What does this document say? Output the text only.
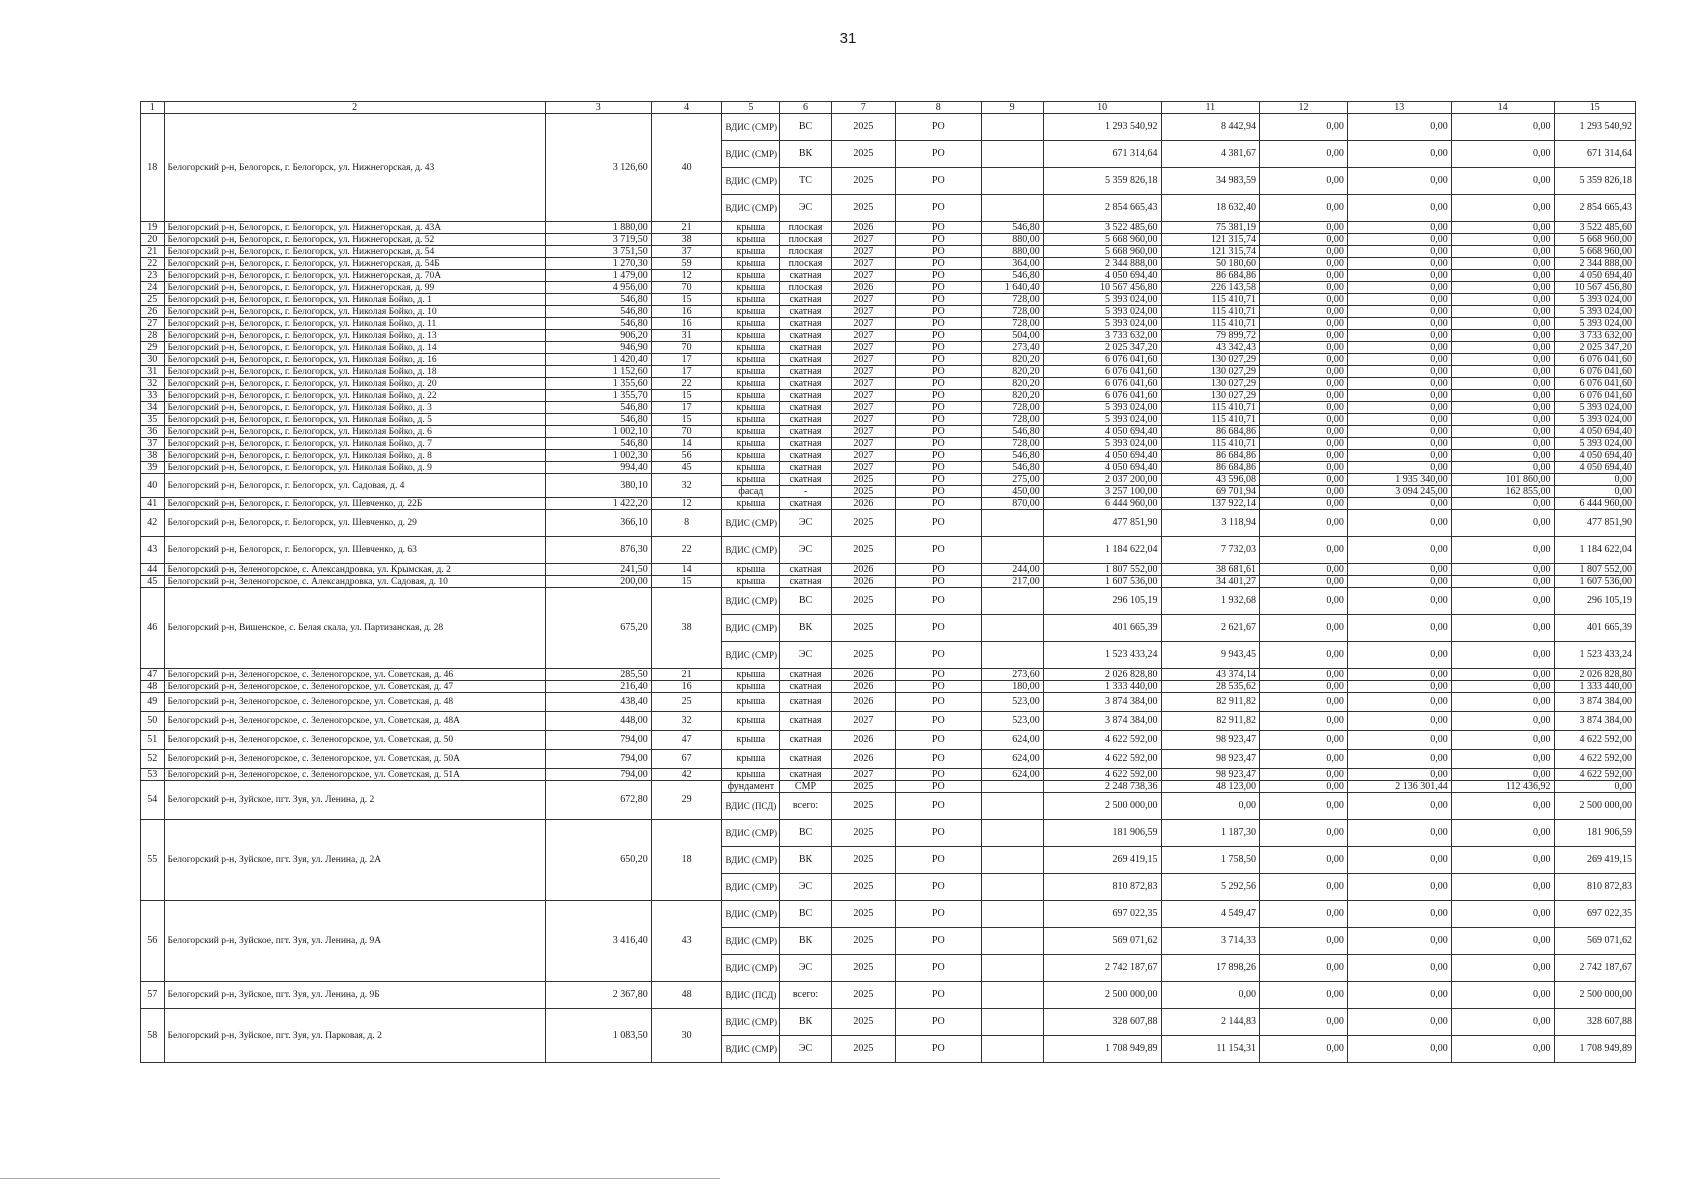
31
1	2	3	4	5	6	7	8	9	10	11	12	13	14	15
18	Белогорский р-н, Белогорск, г. Белогорск, ул. Нижнегорская, д. 43	3 126,60	40	ВДИС (СМР)	ВС	2025	РО		1 293 540,92	8 442,94	0,00	0,00	0,00	1 293 540,92
				ВДИС (СМР)	ВК	2025	РО		671 314,64	4 381,67	0,00	0,00	0,00	671 314,64
				ВДИС (СМР)	ТС	2025	РО		5 359 826,18	34 983,59	0,00	0,00	0,00	5 359 826,18
				ВДИС (СМР)	ЭС	2025	РО		2 854 665,43	18 632,40	0,00	0,00	0,00	2 854 665,43
19	Белогорский р-н, Белогорск, г. Белогорск, ул. Нижнегорская, д. 43А	1 880,00	21	крыша	плоская	2026	РО	546,80	3 522 485,60	75 381,19	0,00	0,00	0,00	3 522 485,60
20	Белогорский р-н, Белогорск, г. Белогорск, ул. Нижнегорская, д. 52	3 719,50	38	крыша	плоская	2027	РО	880,00	5 668 960,00	121 315,74	0,00	0,00	0,00	5 668 960,00
21	Белогорский р-н, Белогорск, г. Белогорск, ул. Нижнегорская, д. 54	3 751,50	37	крыша	плоская	2027	РО	880,00	5 668 960,00	121 315,74	0,00	0,00	0,00	5 668 960,00
22	Белогорский р-н, Белогорск, г. Белогорск, ул. Нижнегорская, д. 54Б	1 270,30	59	крыша	плоская	2027	РО	364,00	2 344 888,00	50 180,60	0,00	0,00	0,00	2 344 888,00
23	Белогорский р-н, Белогорск, г. Белогорск, ул. Нижнегорская, д. 70А	1 479,00	12	крыша	скатная	2027	РО	546,80	4 050 694,40	86 684,86	0,00	0,00	0,00	4 050 694,40
24	Белогорский р-н, Белогорск, г. Белогорск, ул. Нижнегорская, д. 99	4 956,00	70	крыша	плоская	2026	РО	1 640,40	10 567 456,80	226 143,58	0,00	0,00	0,00	10 567 456,80
25	Белогорский р-н, Белогорск, г. Белогорск, ул. Николая Бойко, д. 1	546,80	15	крыша	скатная	2027	РО	728,00	5 393 024,00	115 410,71	0,00	0,00	0,00	5 393 024,00
26	Белогорский р-н, Белогорск, г. Белогорск, ул. Николая Бойко, д. 10	546,80	16	крыша	скатная	2027	РО	728,00	5 393 024,00	115 410,71	0,00	0,00	0,00	5 393 024,00
27	Белогорский р-н, Белогорск, г. Белогорск, ул. Николая Бойко, д. 11	546,80	16	крыша	скатная	2027	РО	728,00	5 393 024,00	115 410,71	0,00	0,00	0,00	5 393 024,00
28	Белогорский р-н, Белогорск, г. Белогорск, ул. Николая Бойко, д. 13	906,20	31	крыша	скатная	2027	РО	504,00	3 733 632,00	79 899,72	0,00	0,00	0,00	3 733 632,00
29	Белогорский р-н, Белогорск, г. Белогорск, ул. Николая Бойко, д. 14	946,90	70	крыша	скатная	2027	РО	273,40	2 025 347,20	43 342,43	0,00	0,00	0,00	2 025 347,20
30	Белогорский р-н, Белогорск, г. Белогорск, ул. Николая Бойко, д. 16	1 420,40	17	крыша	скатная	2027	РО	820,20	6 076 041,60	130 027,29	0,00	0,00	0,00	6 076 041,60
31	Белогорский р-н, Белогорск, г. Белогорск, ул. Николая Бойко, д. 18	1 152,60	17	крыша	скатная	2027	РО	820,20	6 076 041,60	130 027,29	0,00	0,00	0,00	6 076 041,60
32	Белогорский р-н, Белогорск, г. Белогорск, ул. Николая Бойко, д. 20	1 355,60	22	крыша	скатная	2027	РО	820,20	6 076 041,60	130 027,29	0,00	0,00	0,00	6 076 041,60
33	Белогорский р-н, Белогорск, г. Белогорск, ул. Николая Бойко, д. 22	1 355,70	15	крыша	скатная	2027	РО	820,20	6 076 041,60	130 027,29	0,00	0,00	0,00	6 076 041,60
34	Белогорский р-н, Белогорск, г. Белогорск, ул. Николая Бойко, д. 3	546,80	17	крыша	скатная	2027	РО	728,00	5 393 024,00	115 410,71	0,00	0,00	0,00	5 393 024,00
35	Белогорский р-н, Белогорск, г. Белогорск, ул. Николая Бойко, д. 5	546,80	15	крыша	скатная	2027	РО	728,00	5 393 024,00	115 410,71	0,00	0,00	0,00	5 393 024,00
36	Белогорский р-н, Белогорск, г. Белогорск, ул. Николая Бойко, д. 6	1 002,10	70	крыша	скатная	2027	РО	546,80	4 050 694,40	86 684,86	0,00	0,00	0,00	4 050 694,40
37	Белогорский р-н, Белогорск, г. Белогорск, ул. Николая Бойко, д. 7	546,80	14	крыша	скатная	2027	РО	728,00	5 393 024,00	115 410,71	0,00	0,00	0,00	5 393 024,00
38	Белогорский р-н, Белогорск, г. Белогорск, ул. Николая Бойко, д. 8	1 002,30	56	крыша	скатная	2027	РО	546,80	4 050 694,40	86 684,86	0,00	0,00	0,00	4 050 694,40
39	Белогорский р-н, Белогорск, г. Белогорск, ул. Николая Бойко, д. 9	994,40	45	крыша	скатная	2027	РО	546,80	4 050 694,40	86 684,86	0,00	0,00	0,00	4 050 694,40
40	Белогорский р-н, Белогорск, г. Белогорск, ул. Садовая, д. 4	380,10	32	крыша	скатная	2025	РО	275,00	2 037 200,00	43 596,08	0,00	1 935 340,00	101 860,00	0,00
				фасад	-	2025	РО	450,00	3 257 100,00	69 701,94	0,00	3 094 245,00	162 855,00	0,00
41	Белогорский р-н, Белогорск, г. Белогорск, ул. Шевченко, д. 22Б	1 422,20	12	крыша	скатная	2026	РО	870,00	6 444 960,00	137 922,14	0,00	0,00	0,00	6 444 960,00
42	Белогорский р-н, Белогорск, г. Белогорск, ул. Шевченко, д. 29	366,10	8	ВДИС (СМР)	ЭС	2025	РО		477 851,90	3 118,94	0,00	0,00	0,00	477 851,90
43	Белогорский р-н, Белогорск, г. Белогорск, ул. Шевченко, д. 63	876,30	22	ВДИС (СМР)	ЭС	2025	РО		1 184 622,04	7 732,03	0,00	0,00	0,00	1 184 622,04
44	Белогорский р-н, Зеленогорское, с. Александровка, ул. Крымская, д. 2	241,50	14	крыша	скатная	2026	РО	244,00	1 807 552,00	38 681,61	0,00	0,00	0,00	1 807 552,00
45	Белогорский р-н, Зеленогорское, с. Александровка, ул. Садовая, д. 10	200,00	15	крыша	скатная	2026	РО	217,00	1 607 536,00	34 401,27	0,00	0,00	0,00	1 607 536,00
46	Белогорский р-н, Вишенское, с. Белая скала, ул. Партизанская, д. 28	675,20	38	ВДИС (СМР)	ВС	2025	РО		296 105,19	1 932,68	0,00	0,00	0,00	296 105,19
				ВДИС (СМР)	ВК	2025	РО		401 665,39	2 621,67	0,00	0,00	0,00	401 665,39
				ВДИС (СМР)	ЭС	2025	РО		1 523 433,24	9 943,45	0,00	0,00	0,00	1 523 433,24
47	Белогорский р-н, Зеленогорское, с. Зеленогорское, ул. Советская, д. 46	285,50	21	крыша	скатная	2026	РО	273,60	2 026 828,80	43 374,14	0,00	0,00	0,00	2 026 828,80
48	Белогорский р-н, Зеленогорское, с. Зеленогорское, ул. Советская, д. 47	216,40	16	крыша	скатная	2026	РО	180,00	1 333 440,00	28 535,62	0,00	0,00	0,00	1 333 440,00
49	Белогорский р-н, Зеленогорское, с. Зеленогорское, ул. Советская, д. 48	438,40	25	крыша	скатная	2026	РО	523,00	3 874 384,00	82 911,82	0,00	0,00	0,00	3 874 384,00
50	Белогорский р-н, Зеленогорское, с. Зеленогорское, ул. Советская, д. 48А	448,00	32	крыша	скатная	2027	РО	523,00	3 874 384,00	82 911,82	0,00	0,00	0,00	3 874 384,00
51	Белогорский р-н, Зеленогорское, с. Зеленогорское, ул. Советская, д. 50	794,00	47	крыша	скатная	2026	РО	624,00	4 622 592,00	98 923,47	0,00	0,00	0,00	4 622 592,00
52	Белогорский р-н, Зеленогорское, с. Зеленогорское, ул. Советская, д. 50А	794,00	67	крыша	скатная	2026	РО	624,00	4 622 592,00	98 923,47	0,00	0,00	0,00	4 622 592,00
53	Белогорский р-н, Зеленогорское, с. Зеленогорское, ул. Советская, д. 51А	794,00	42	крыша	скатная	2027	РО	624,00	4 622 592,00	98 923,47	0,00	0,00	0,00	4 622 592,00
54	Белогорский р-н, Зуйское, пгт. Зуя, ул. Ленина, д. 2	672,80	29	фундамент	СМР	2025	РО		2 248 738,36	48 123,00	0,00	2 136 301,44	112 436,92	0,00
				ВДИС (ПСД)	всего:	2025	РО		2 500 000,00	0,00	0,00	0,00	0,00	2 500 000,00
55	Белогорский р-н, Зуйское, пгт. Зуя, ул. Ленина, д. 2А	650,20	18	ВДИС (СМР)	ВС	2025	РО		181 906,59	1 187,30	0,00	0,00	0,00	181 906,59
				ВДИС (СМР)	ВК	2025	РО		269 419,15	1 758,50	0,00	0,00	0,00	269 419,15
				ВДИС (СМР)	ЭС	2025	РО		810 872,83	5 292,56	0,00	0,00	0,00	810 872,83
56	Белогорский р-н, Зуйское, пгт. Зуя, ул. Ленина, д. 9А	3 416,40	43	ВДИС (СМР)	ВС	2025	РО		697 022,35	4 549,47	0,00	0,00	0,00	697 022,35
				ВДИС (СМР)	ВК	2025	РО		569 071,62	3 714,33	0,00	0,00	0,00	569 071,62
				ВДИС (СМР)	ЭС	2025	РО		2 742 187,67	17 898,26	0,00	0,00	0,00	2 742 187,67
57	Белогорский р-н, Зуйское, пгт. Зуя, ул. Ленина, д. 9Б	2 367,80	48	ВДИС (ПСД)	всего:	2025	РО		2 500 000,00	0,00	0,00	0,00	0,00	2 500 000,00
58	Белогорский р-н, Зуйское, пгт. Зуя, ул. Парковая, д. 2	1 083,50	30	ВДИС (СМР)	ВК	2025	РО		328 607,88	2 144,83	0,00	0,00	0,00	328 607,88
				ВДИС (СМР)	ЭС	2025	РО		1 708 949,89	11 154,31	0,00	0,00	0,00	1 708 949,89
